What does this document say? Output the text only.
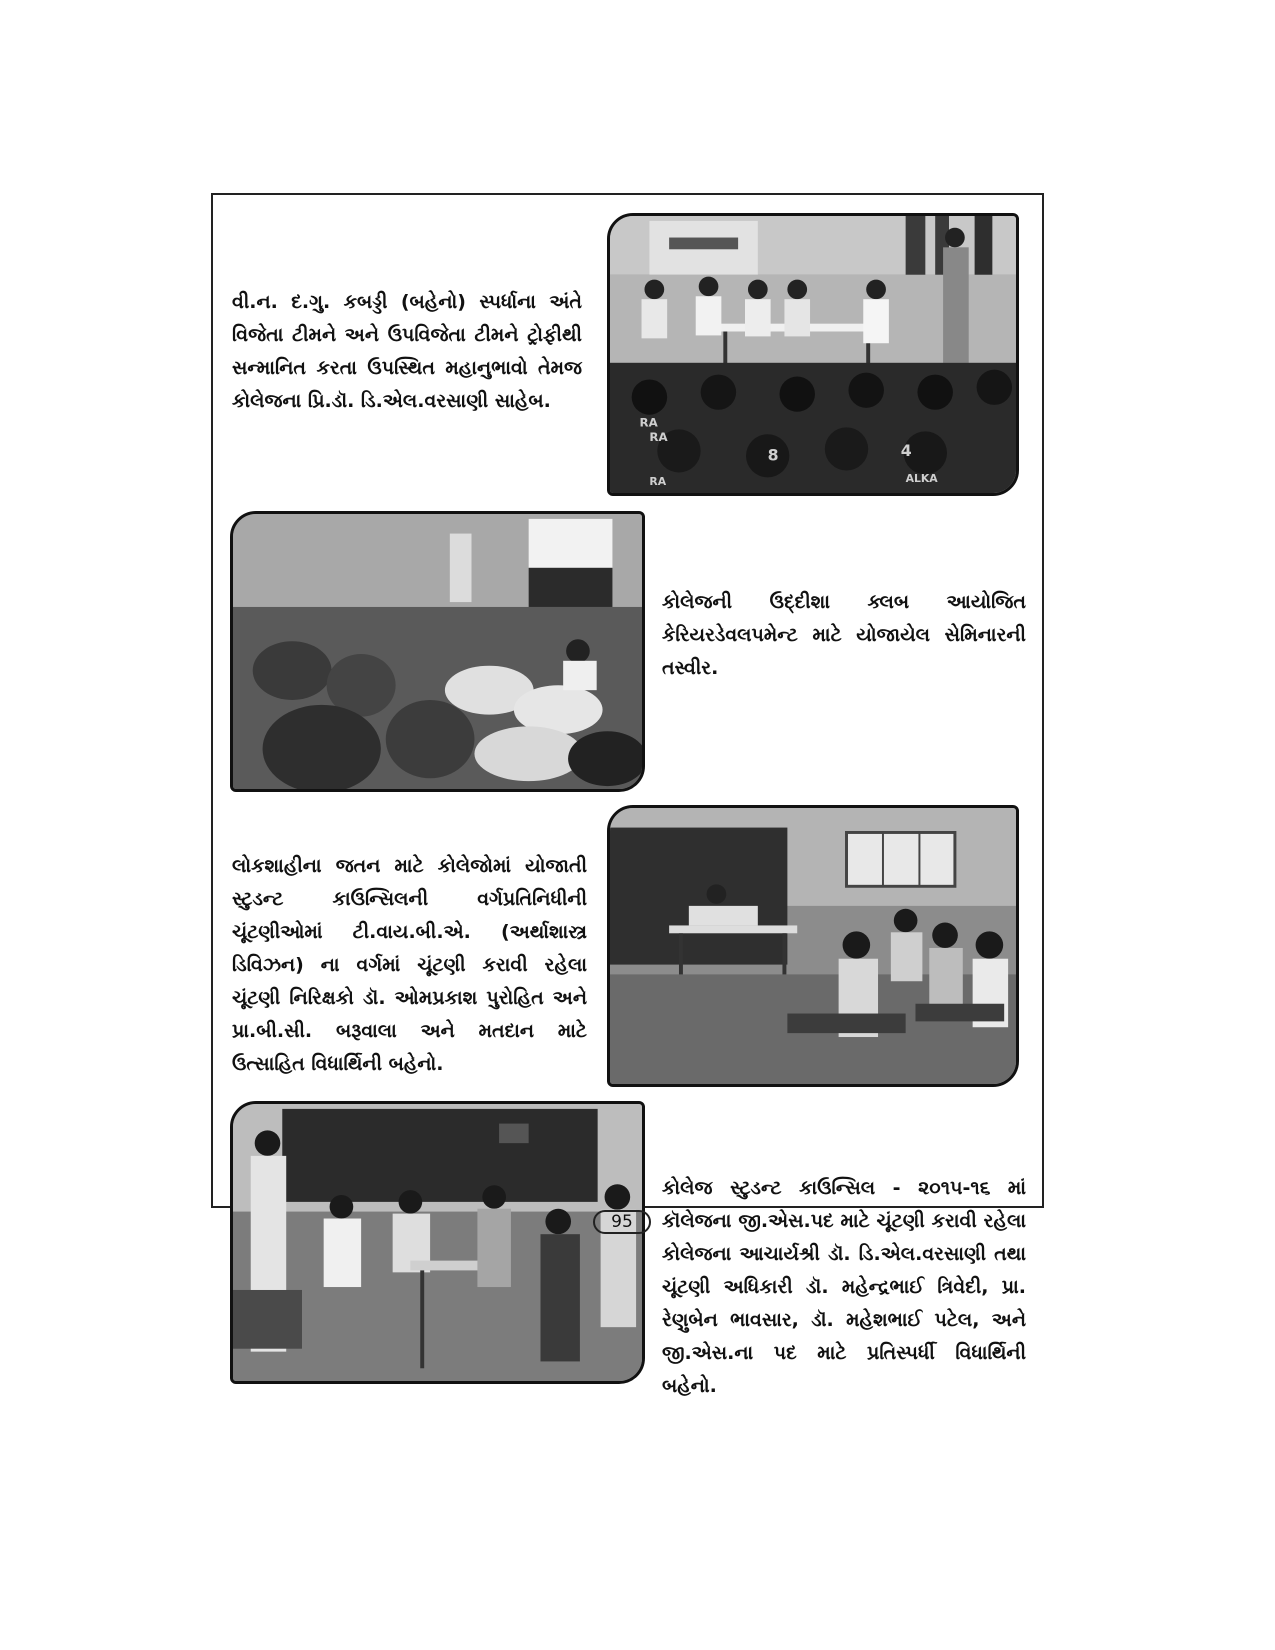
વી.ન. દ.ગુ. કબડ્ડી (બહેનો) સ્પર્ધાના અંતે વિજેતા ટીમને અને ઉપવિજેતા ટીમને ટ્રોફીથી સન્માનિત કરતા ઉપસ્થિત મહાનુભાવો તેમજ કોલેજના પ્રિ.ડૉ. ડિ.એલ.વરસાણી સાહેબ.
RA
RA
8	4
ALKA
RA
કોલેજની ઉદ્દીશા ક્લબ આયોજિત કેરિયરડેવલપમેન્ટ માટે યોજાયેલ સેમિનારની તસ્વીર.
લોકશાહીના જતન માટે કોલેજોમાં યોજાતી સ્ટુડન્ટ કાઉન્સિલની વર્ગપ્રતિનિધીની ચૂંટણીઓમાં ટી.વાય.બી.એ. (અર્થાશાસ્ત્ર ડિવિઝન) ના વર્ગમાં ચૂંટણી કરાવી રહેલા ચૂંટણી નિરિક્ષકો ડૉ. ઓમપ્રકાશ પુરોહિત અને પ્રા.બી.સી. બરૂવાલા અને મતદાન માટે ઉત્સાહિત વિધાર્થિની બહેનો.
કોલેજ સ્ટુડન્ટ કાઉન્સિલ - ૨૦૧૫-૧૬ માં કૉલેજના જી.એસ.પદ માટે ચૂંટણી કરાવી રહેલા કોલેજના આચાર્યશ્રી ડૉ. ડિ.એલ.વરસાણી તથા ચૂંટણી અધિકારી ડૉ. મહેન્દ્રભાઈ ત્રિવેદી, પ્રા. રેણુબેન ભાવસાર, ડૉ. મહેશભાઈ પટેલ, અને જી.એસ.ના પદ માટે પ્રતિસ્પર્ધી વિધાર્થિની બહેનો.
95
